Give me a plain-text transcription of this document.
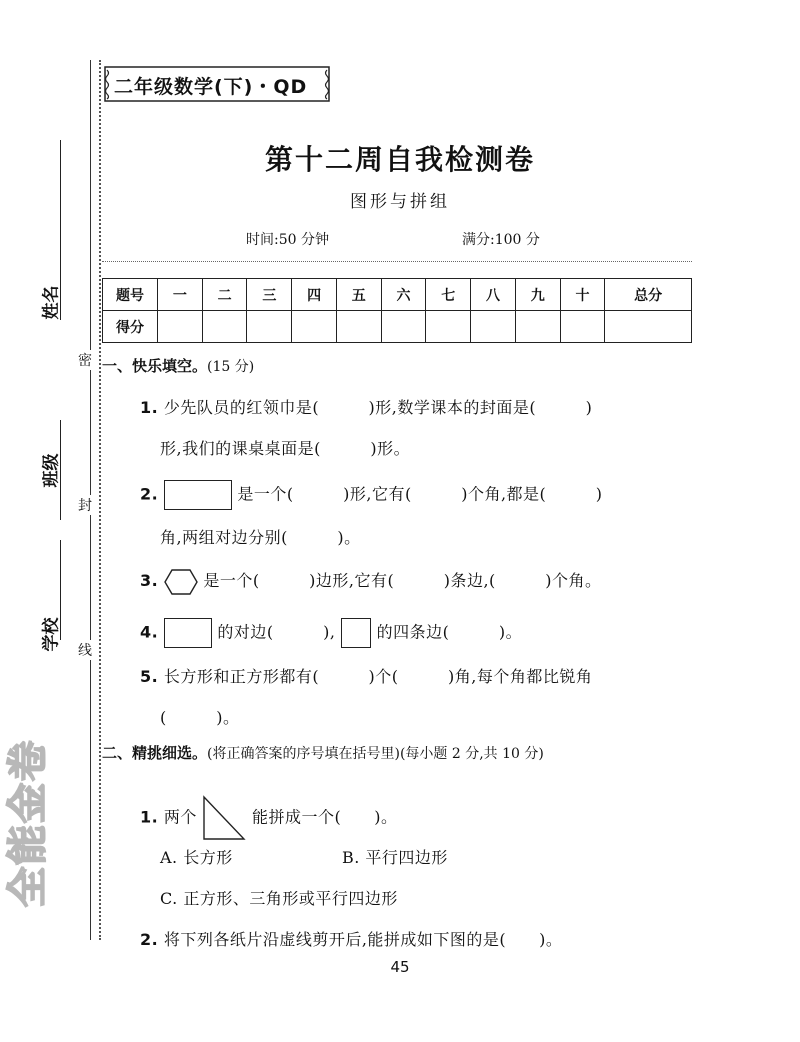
姓名
班级
学校
密
封
线
全能金卷
二年级数学(下)・QD
第十二周自我检测卷
图形与拼组
时间:50 分钟	满分:100 分
题号	一	二	三	四	五	六	七	八	九	十	总分
得分											
一、快乐填空。(15 分)
1. 少先队员的红领巾是(　　　)形,数学课本的封面是(　　　)
形,我们的课桌桌面是(　　　)形。
2.	是一个(　　　)形,它有(　　　)个角,都是(　　　)
角,两组对边分别(　　　)。
3.	是一个(　　　)边形,它有(　　　)条边,(　　　)个角。
4.	的对边(　　　),	的四条边(　　　)。
5. 长方形和正方形都有(　　　)个(　　　)角,每个角都比锐角
(　　　)。
二、精挑细选。(将正确答案的序号填在括号里)(每小题 2 分,共 10 分)
1. 两个	能拼成一个(　　)。
A. 长方形	B. 平行四边形
C. 正方形、三角形或平行四边形
2. 将下列各纸片沿虚线剪开后,能拼成如下图的是(　　)。
45
